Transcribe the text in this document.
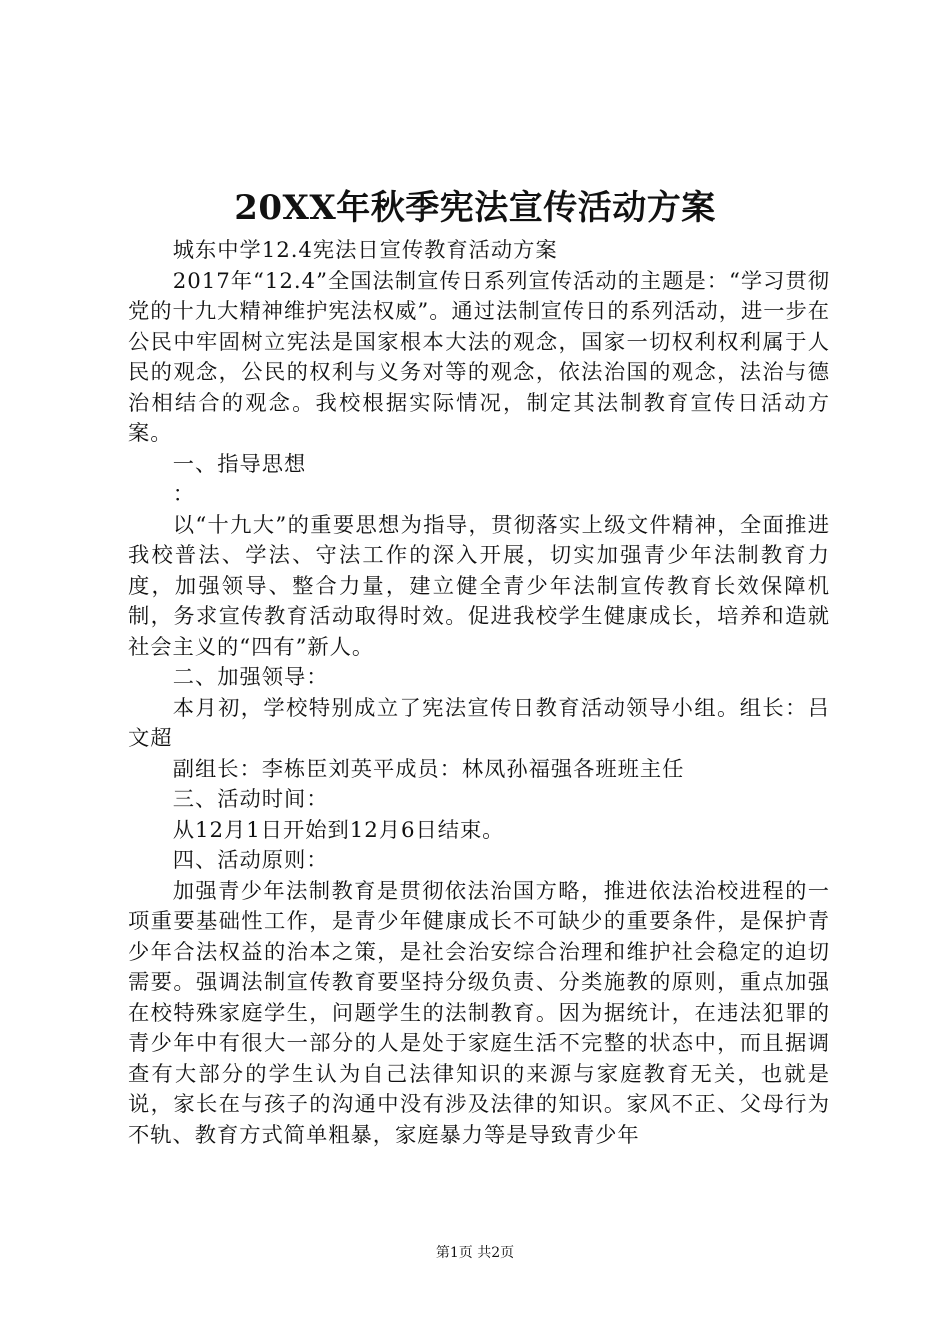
20XX年秋季宪法宣传活动方案

城东中学12.4宪法日宣传教育活动方案

2017年“12.4”全国法制宣传日系列宣传活动的主题是：“学习贯彻党的十九大精神维护宪法权威”。通过法制宣传日的系列活动，进一步在公民中牢固树立宪法是国家根本大法的观念，国家一切权利权利属于人民的观念，公民的权利与义务对等的观念，依法治国的观念，法治与德治相结合的观念。我校根据实际情况，制定其法制教育宣传日活动方案。

一、指导思想

：

以“十九大”的重要思想为指导，贯彻落实上级文件精神，全面推进我校普法、学法、守法工作的深入开展，切实加强青少年法制教育力度，加强领导、整合力量，建立健全青少年法制宣传教育长效保障机制，务求宣传教育活动取得时效。促进我校学生健康成长，培养和造就社会主义的“四有”新人。

二、加强领导：

本月初，学校特别成立了宪法宣传日教育活动领导小组。组长：吕文超

副组长：李栋臣刘英平成员：林凤孙福强各班班主任

三、活动时间：

从12月1日开始到12月6日结束。

四、活动原则：

加强青少年法制教育是贯彻依法治国方略，推进依法治校进程的一项重要基础性工作，是青少年健康成长不可缺少的重要条件，是保护青少年合法权益的治本之策，是社会治安综合治理和维护社会稳定的迫切需要。强调法制宣传教育要坚持分级负责、分类施教的原则，重点加强在校特殊家庭学生，问题学生的法制教育。因为据统计，在违法犯罪的青少年中有很大一部分的人是处于家庭生活不完整的状态中，而且据调查有大部分的学生认为自己法律知识的来源与家庭教育无关，也就是说，家长在与孩子的沟通中没有涉及法律的知识。家风不正、父母行为不轨、教育方式简单粗暴，家庭暴力等是导致青少年

第1页 共2页
